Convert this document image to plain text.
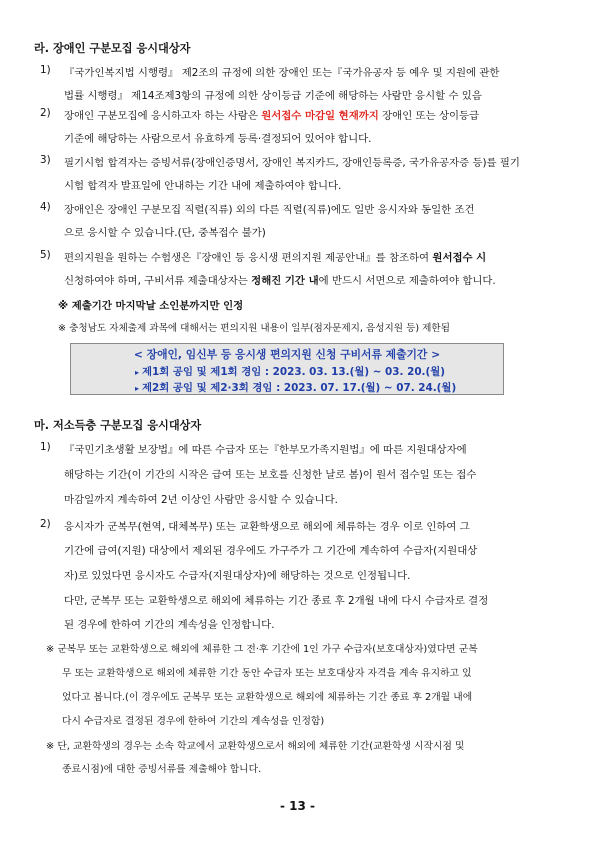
라. 장애인 구분모집 응시대상자
1) 『국가인복지법 시행령』 제2조의 규정에 의한 장애인 또는『국가유공자 등 예우 및 지원에 관한
법률 시행령』 제14조제3항의 규정에 의한 상이등급 기준에 해당하는 사람만 응시할 수 있음
2) 장애인 구분모집에 응시하고자 하는 사람은 원서접수 마감일 현재까지 장애인 또는 상이등급
기준에 해당하는 사람으로서 유효하게 등록·결정되어 있어야 합니다.
3) 필기시험 합격자는 증빙서류(장애인증명서, 장애인 복지카드, 장애인등록증, 국가유공자증 등)를 필기
시험 합격자 발표일에 안내하는 기간 내에 제출하여야 합니다.
4) 장애인은 장애인 구분모집 직렬(직류) 외의 다른 직렬(직류)에도 일반 응시자와 동일한 조건
으로 응시할 수 있습니다.(단, 중복접수 불가)
5) 편의지원을 원하는 수험생은『장애인 등 응시생 편의지원 제공안내』를 참조하여 원서접수 시
신청하여야 하며, 구비서류 제출대상자는 정해진 기간 내에 반드시 서면으로 제출하여야 합니다.
※ 제출기간 마지막날 소인분까지만 인정
※ 충청남도 자체출제 과목에 대해서는 편의지원 내용이 일부(점자문제지, 음성지원 등) 제한됨
< 장애인, 임신부 등 응시생 편의지원 신청 구비서류 제출기간 >
▸ 제1회 공임 및 제1회 경임 : 2023. 03. 13.(월) ~ 03. 20.(월)
▸ 제2회 공임 및 제2·3회 경임 : 2023. 07. 17.(월) ~ 07. 24.(월)
마. 저소득층 구분모집 응시대상자
1) 『국민기초생활 보장법』에 따른 수급자 또는『한부모가족지원법』에 따른 지원대상자에
해당하는 기간(이 기간의 시작은 급여 또는 보호를 신청한 날로 봄)이 원서 접수일 또는 접수
마감일까지 계속하여 2년 이상인 사람만 응시할 수 있습니다.
2) 응시자가 군복무(현역, 대체복무) 또는 교환학생으로 해외에 체류하는 경우 이로 인하여 그
기간에 급여(지원) 대상에서 제외된 경우에도 가구주가 그 기간에 계속하여 수급자(지원대상
자)로 있었다면 응시자도 수급자(지원대상자)에 해당하는 것으로 인정됩니다.
다만, 군복무 또는 교환학생으로 해외에 체류하는 기간 종료 후 2개월 내에 다시 수급자로 결정
된 경우에 한하여 기간의 계속성을 인정합니다.
※ 군복무 또는 교환학생으로 해외에 체류한 그 전·후 기간에 1인 가구 수급자(보호대상자)였다면 군복
무 또는 교환학생으로 해외에 체류한 기간 동안 수급자 또는 보호대상자 자격을 계속 유지하고 있
었다고 봅니다.(이 경우에도 군복무 또는 교환학생으로 해외에 체류하는 기간 종료 후 2개월 내에
다시 수급자로 결정된 경우에 한하여 기간의 계속성을 인정함)
※ 단, 교환학생의 경우는 소속 학교에서 교환학생으로서 해외에 체류한 기간(교환학생 시작시점 및
종료시점)에 대한 증빙서류를 제출해야 합니다.
- 13 -
